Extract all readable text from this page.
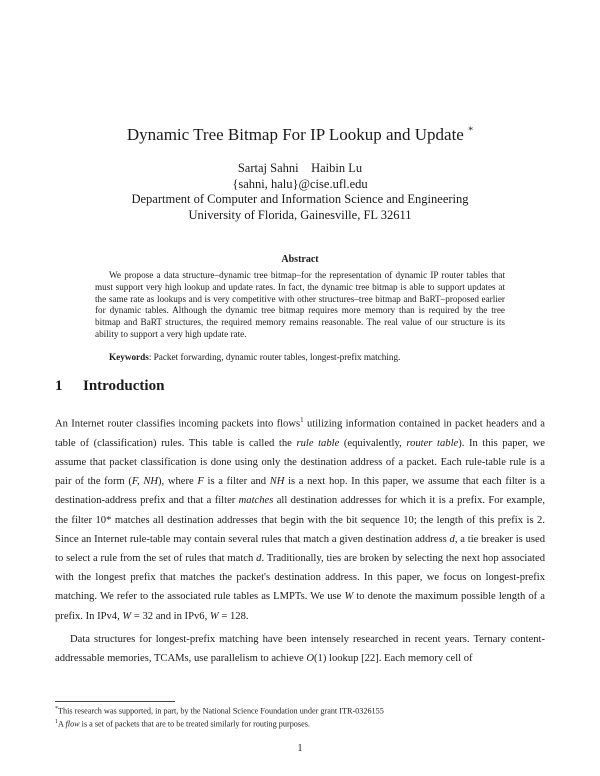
Dynamic Tree Bitmap For IP Lookup and Update *
Sartaj Sahni    Haibin Lu
{sahni, halu}@cise.ufl.edu
Department of Computer and Information Science and Engineering
University of Florida, Gainesville, FL 32611
Abstract
We propose a data structure–dynamic tree bitmap–for the representation of dynamic IP router tables that must support very high lookup and update rates. In fact, the dynamic tree bitmap is able to support updates at the same rate as lookups and is very competitive with other structures–tree bitmap and BaRT–proposed earlier for dynamic tables. Although the dynamic tree bitmap requires more memory than is required by the tree bitmap and BaRT structures, the required memory remains reasonable. The real value of our structure is its ability to support a very high update rate.
Keywords: Packet forwarding, dynamic router tables, longest-prefix matching.
1 Introduction

An Internet router classifies incoming packets into flows$^1$ utilizing information contained in packet headers and a table of (classification) rules. This table is called the rule table (equivalently, router table). In this paper, we assume that packet classification is done using only the destination address of a packet. Each rule-table rule is a pair of the form (F, NH), where F is a filter and NH is a next hop. In this paper, we assume that each filter is a destination-address prefix and that a filter matches all destination addresses for which it is a prefix. For example, the filter 10* matches all destination addresses that begin with the bit sequence 10; the length of this prefix is 2. Since an Internet rule-table may contain several rules that match a given destination address d, a tie breaker is used to select a rule from the set of rules that match d. Traditionally, ties are broken by selecting the next hop associated with the longest prefix that matches the packet's destination address. In this paper, we focus on longest-prefix matching. We refer to the associated rule tables as LMPTs. We use W to denote the maximum possible length of a prefix. In IPv4, W = 32 and in IPv6, W = 128.

Data structures for longest-prefix matching have been intensely researched in recent years. Ternary content-addressable memories, TCAMs, use parallelism to achieve O(1) lookup [22]. Each memory cell of

*This research was supported, in part, by the National Science Foundation under grant ITR-0326155
$^1$A flow is a set of packets that are to be treated similarly for routing purposes.
1
